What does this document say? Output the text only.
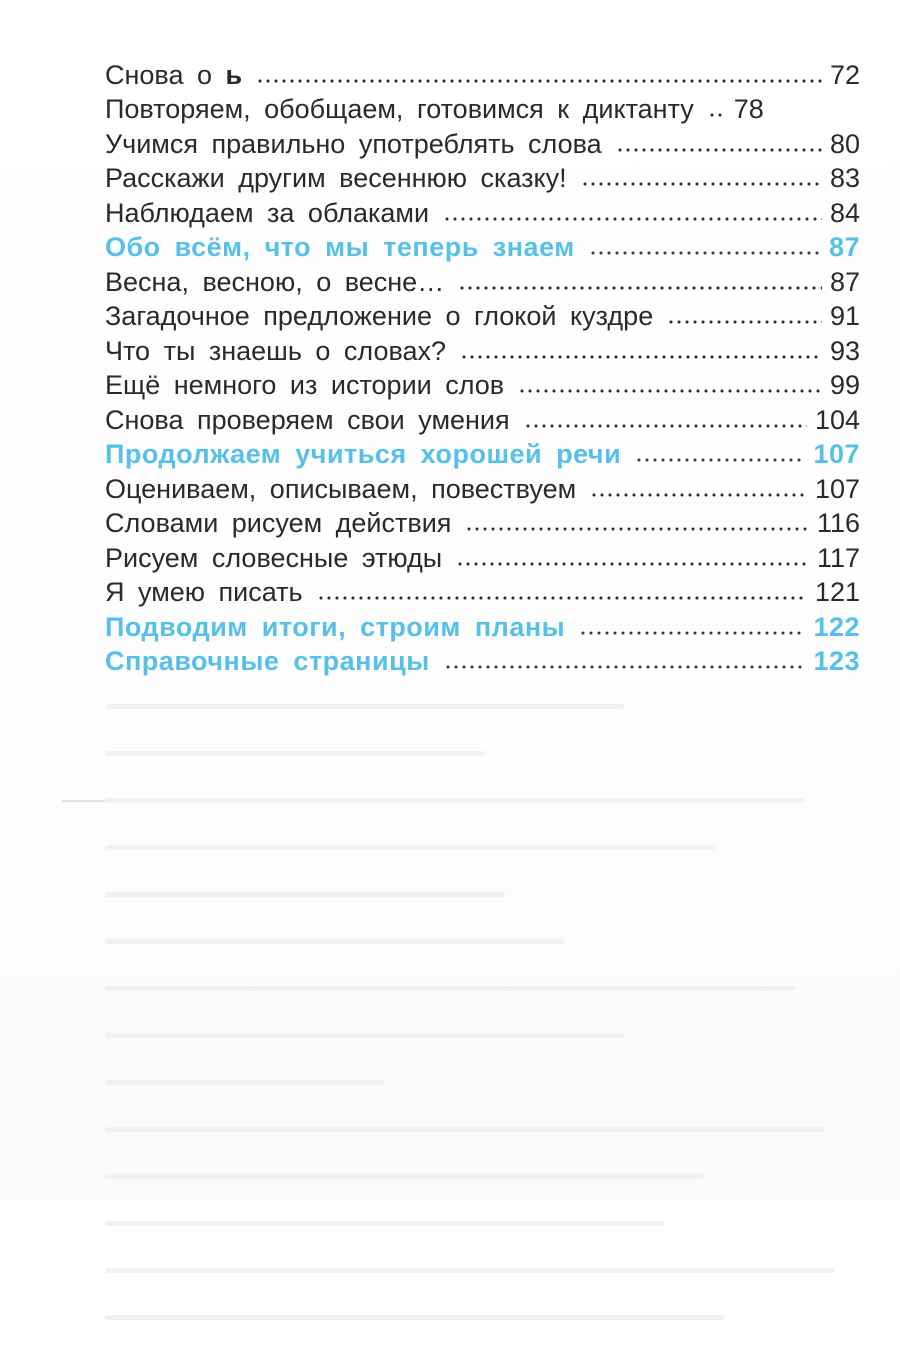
Снова о ь	72
Повторяем, обобщаем, готовимся к диктанту 78
Учимся правильно употреблять слова	80
Расскажи другим весеннюю сказку!	83
Наблюдаем за облаками	84
Обо всём, что мы теперь знаем	87
Весна, весною, о весне…	87
Загадочное предложение о глокой куздре	91
Что ты знаешь о словах?	93
Ещё немного из истории слов	99
Снова проверяем свои умения	104
Продолжаем учиться хорошей речи	107
Оцениваем, описываем, повествуем	107
Словами рисуем действия	116
Рисуем словесные этюды	117
Я умею писать	121
Подводим итоги, строим планы	122
Справочные страницы	123
